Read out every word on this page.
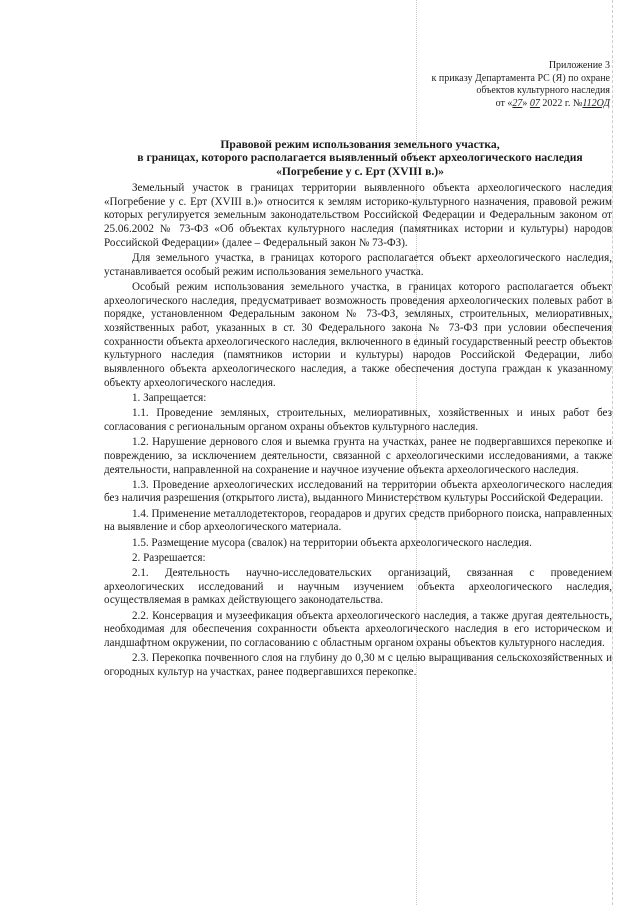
Приложение 3
к приказу Департамента РС (Я) по охране
объектов культурного наследия
от «27» 07 2022 г. №112ОД
Правовой режим использования земельного участка,
в границах, которого располагается выявленный объект археологического наследия
«Погребение у с. Ерт (XVIII в.)»

Земельный участок в границах территории выявленного объекта археологического наследия «Погребение у с. Ерт (XVIII в.)» относится к землям историко-культурного назначения, правовой режим которых регулируется земельным законодательством Российской Федерации и Федеральным законом от 25.06.2002 № 73-ФЗ «Об объектах культурного наследия (памятниках истории и культуры) народов Российской Федерации» (далее – Федеральный закон № 73-ФЗ).

Для земельного участка, в границах которого располагается объект археологического наследия, устанавливается особый режим использования земельного участка.

Особый режим использования земельного участка, в границах которого располагается объект археологического наследия, предусматривает возможность проведения археологических полевых работ в порядке, установленном Федеральным законом № 73-ФЗ, земляных, строительных, мелиоративных, хозяйственных работ, указанных в ст. 30 Федерального закона № 73-ФЗ при условии обеспечения сохранности объекта археологического наследия, включенного в единый государственный реестр объектов культурного наследия (памятников истории и культуры) народов Российской Федерации, либо выявленного объекта археологического наследия, а также обеспечения доступа граждан к указанному объекту археологического наследия.

1. Запрещается:

1.1. Проведение земляных, строительных, мелиоративных, хозяйственных и иных работ без согласования с региональным органом охраны объектов культурного наследия.

1.2. Нарушение дернового слоя и выемка грунта на участках, ранее не подвергавшихся перекопке и повреждению, за исключением деятельности, связанной с археологическими исследованиями, а также деятельности, направленной на сохранение и научное изучение объекта археологического наследия.

1.3. Проведение археологических исследований на территории объекта археологического наследия без наличия разрешения (открытого листа), выданного Министерством культуры Российской Федерации.

1.4. Применение металлодетекторов, георадаров и других средств приборного поиска, направленных на выявление и сбор археологического материала.

1.5. Размещение мусора (свалок) на территории объекта археологического наследия.

2. Разрешается:

2.1. Деятельность научно-исследовательских организаций, связанная с проведением археологических исследований и научным изучением объекта археологического наследия, осуществляемая в рамках действующего законодательства.

2.2. Консервация и музеефикация объекта археологического наследия, а также другая деятельность, необходимая для обеспечения сохранности объекта археологического наследия в его историческом и ландшафтном окружении, по согласованию с областным органом охраны объектов культурного наследия.

2.3. Перекопка почвенного слоя на глубину до 0,30 м с целью выращивания сельскохозяйственных и огородных культур на участках, ранее подвергавшихся перекопке.
